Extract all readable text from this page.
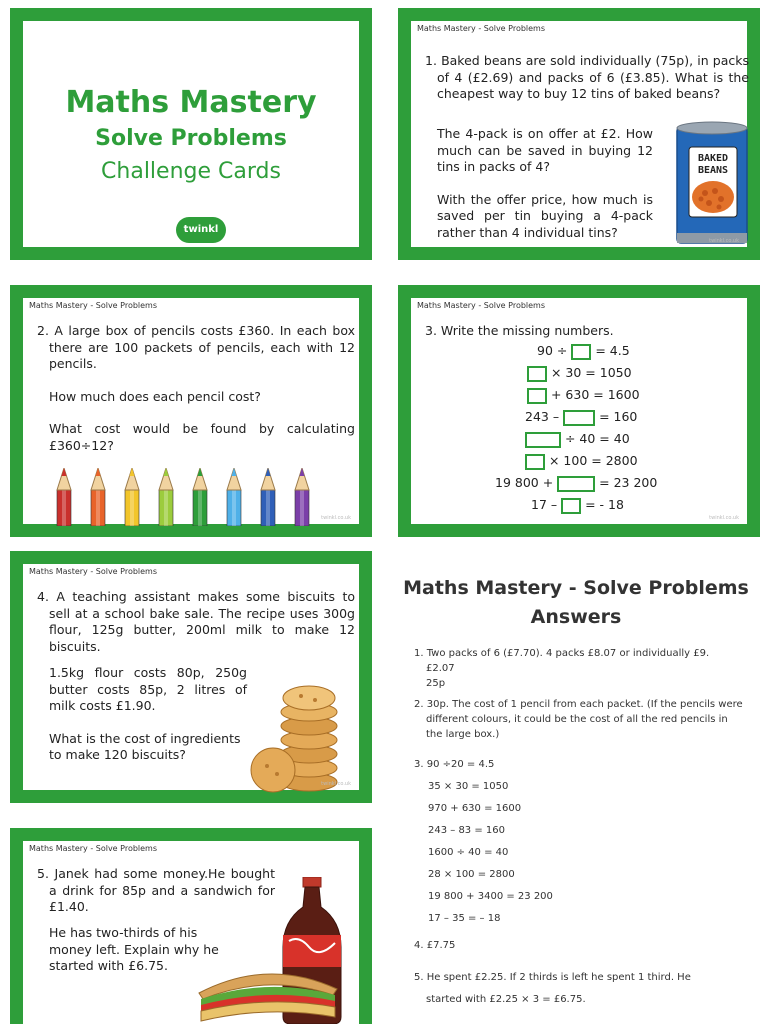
Maths Mastery
Solve Problems
Challenge Cards
twinkl
Maths Mastery - Solve Problems

1. Baked beans are sold individually (75p), in packs of 4 (£2.69) and packs of 6 (£3.85). What is the cheapest way to buy 12 tins of baked beans?

The 4-pack is on offer at £2. How much can be saved in buying 12 tins in packs of 4?

With the offer price, how much is saved per tin buying a 4-pack rather than 4 individual tins?

BAKED
BEANS
twinkl.co.uk
Maths Mastery - Solve Problems

2. A large box of pencils costs £360. In each box there are 100 packets of pencils, each with 12 pencils.

How much does each pencil cost?

What cost would be found by calculating £360÷12?

twinkl.co.uk
Maths Mastery - Solve Problems
3. Write the missing numbers.
90 ÷ = 4.5
× 30 = 1050
+ 630 = 1600
243 –	= 160
÷ 40 = 40
× 100 = 2800
19 800 +	= 23 200
17 – = - 18
twinkl.co.uk
Maths Mastery - Solve Problems

4. A teaching assistant makes some biscuits to sell at a school bake sale. The recipe uses 300g flour, 125g butter, 200ml milk to make 12 biscuits.

1.5kg flour costs 80p, 250g butter costs 85p, 2 litres of milk costs £1.90.

What is the cost of ingredients to make 120 biscuits?

twinkl.co.uk
Maths Mastery - Solve Problems

5. Janek had some money.He bought a drink for 85p and a sandwich for £1.40.

He has two-thirds of his money left. Explain why he started with £6.75.

Maths Mastery - Solve Problems
Answers
1. Two packs of 6 (£7.70). 4 packs £8.07 or individually £9.
£2.07
25p
2. 30p. The cost of 1 pencil from each packet. (If the pencils were
different colours, it could be the cost of all the red pencils in
the large box.)
3. 90 ÷20 = 4.5
35 × 30 = 1050
970 + 630 = 1600
243 – 83 = 160
1600 ÷ 40 = 40
28 × 100 = 2800
19 800 + 3400 = 23 200
17 – 35 = – 18
4. £7.75
5. He spent £2.25. If 2 thirds is left he spent 1 third. He
started with £2.25 × 3 = £6.75.
